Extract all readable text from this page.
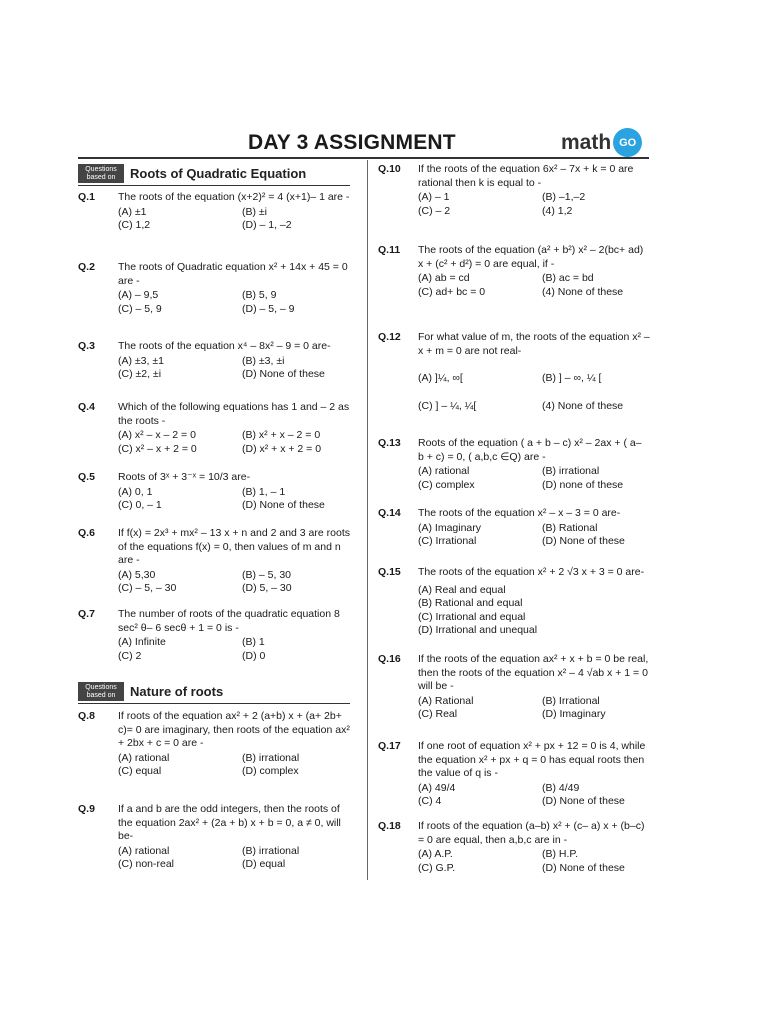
DAY 3 ASSIGNMENT	math GO
Questions
based on Roots of Quadratic Equation
Q.1 The roots of the equation (x+2)² = 4 (x+1)– 1 are -
(A) ±1	(B) ±i
(C) 1,2	(D) – 1, –2
Q.2 The roots of Quadratic equation x² + 14x + 45 = 0 are -
(A) – 9,5	(B) 5, 9
(C) – 5, 9	(D) – 5, – 9
Q.3 The roots of the equation x⁴ – 8x² – 9 = 0 are-
(A) ±3, ±1	(B) ±3, ±i
(C) ±2, ±i	(D) None of these
Q.4 Which of the following equations has 1 and – 2 as the roots -
(A) x² – x – 2 = 0	(B) x² + x – 2 = 0
(C) x² – x + 2 = 0	(D) x² + x + 2 = 0
Q.5 Roots of 3ˣ + 3⁻ˣ = 10/3 are-
(A) 0, 1	(B) 1, – 1
(C) 0, – 1	(D) None of these
Q.6 If f(x) = 2x³ + mx² – 13 x + n and 2 and 3 are roots of the equations f(x) = 0, then values of m and n are -
(A) 5,30	(B) – 5, 30
(C) – 5, – 30	(D) 5, – 30
Q.7 The number of roots of the quadratic equation 8 sec² θ– 6 secθ + 1 = 0 is -
(A) Infinite	(B) 1
(C) 2	(D) 0
Questions
based on Nature of roots
Q.8 If roots of the equation ax² + 2 (a+b) x + (a+ 2b+ c)= 0 are imaginary, then roots of the equation ax² + 2bx + c = 0 are -
(A) rational	(B) irrational
(C) equal	(D) complex
Q.9 If a and b are the odd integers, then the roots of the equation 2ax² + (2a + b) x + b = 0, a ≠ 0, will be-
(A) rational	(B) irrational
(C) non-real	(D) equal
Q.10 If the roots of the equation 6x² – 7x + k = 0 are rational then k is equal to -
(A) – 1	(B) –1,–2
(C) – 2	(4) 1,2
Q.11 The roots of the equation (a² + b²) x² – 2(bc+ ad) x + (c² + d²) = 0 are equal, if -
(A) ab = cd	(B) ac = bd
(C) ad+ bc = 0	(4) None of these
Q.12 For what value of m, the roots of the equation x² –x + m = 0 are not real-
(A) ]¼, ∞[	(B) ] – ∞, ¼ [
(C) ] – ¼, ¼[	(4) None of these
Q.13 Roots of the equation ( a + b – c) x² – 2ax + ( a– b + c) = 0, ( a,b,c ∈Q) are -
(A) rational	(B) irrational
(C) complex	(D) none of these
Q.14 The roots of the equation x² – x – 3 = 0 are-
(A) Imaginary	(B) Rational
(C) Irrational	(D) None of these
Q.15 The roots of the equation x² + 2 √3 x + 3 = 0 are-
(A) Real and equal
(B) Rational and equal
(C) Irrational and equal
(D) Irrational and unequal
Q.16 If the roots of the equation ax² + x + b = 0 be real, then the roots of the equation x² – 4 √ab x + 1 = 0 will be -
(A) Rational	(B) Irrational
(C) Real	(D) Imaginary
Q.17 If one root of equation x² + px + 12 = 0 is 4, while the equation x² + px + q = 0 has equal roots then the value of q is -
(A) 49/4	(B) 4/49
(C) 4	(D) None of these
Q.18 If roots of the equation (a–b) x² + (c– a) x + (b–c) = 0 are equal, then a,b,c are in -
(A) A.P.	(B) H.P.
(C) G.P.	(D) None of these
